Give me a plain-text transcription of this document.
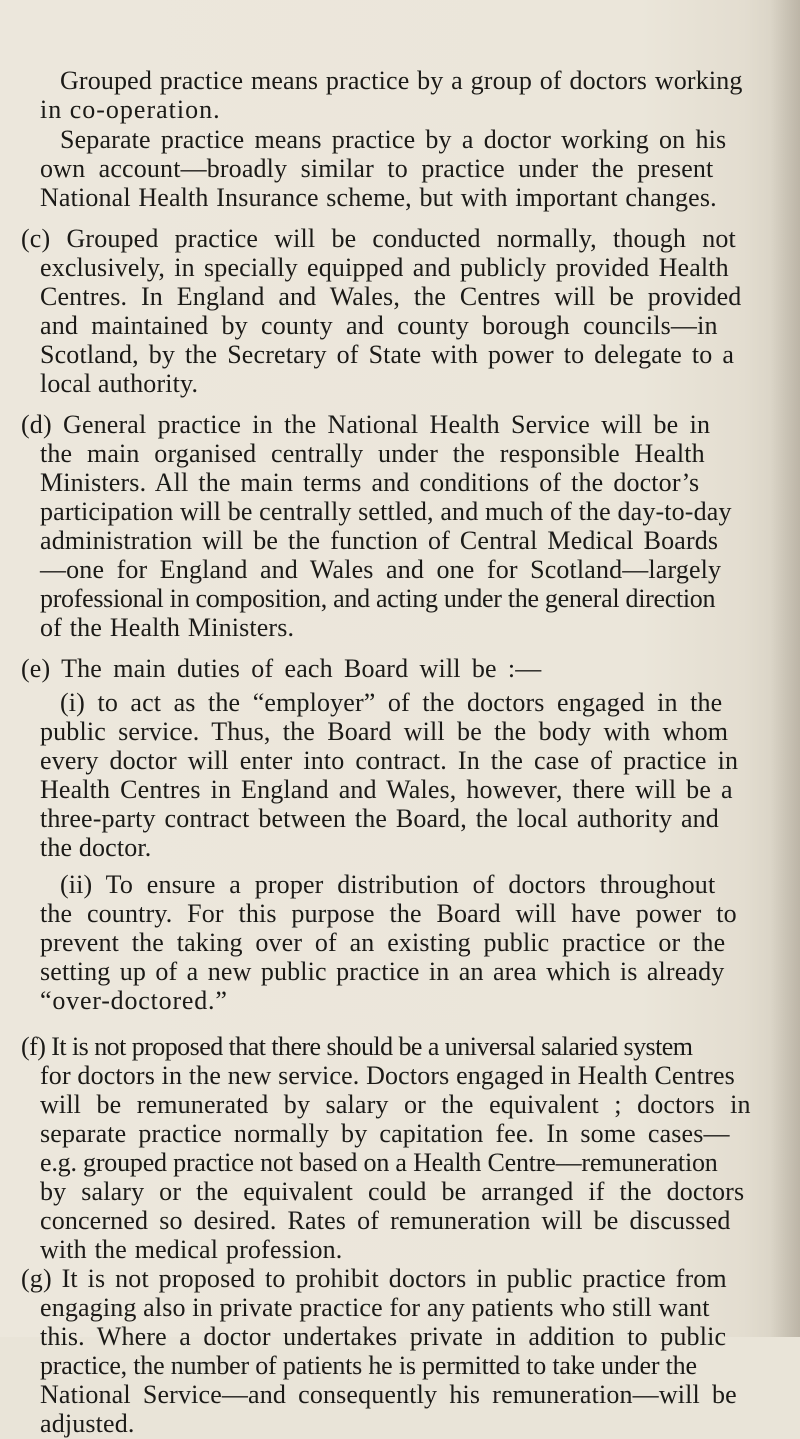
Grouped practice means practice by a group of doctors working
in co-operation.
Separate practice means practice by a doctor working on his
own account—broadly similar to practice under the present
National Health Insurance scheme, but with important changes.
(c) Grouped practice will be conducted normally, though not
exclusively, in specially equipped and publicly provided Health
Centres. In England and Wales, the Centres will be provided
and maintained by county and county borough councils—in
Scotland, by the Secretary of State with power to delegate to a
local authority.
(d) General practice in the National Health Service will be in
the main organised centrally under the responsible Health
Ministers. All the main terms and conditions of the doctor’s
participation will be centrally settled, and much of the day-to-day
administration will be the function of Central Medical Boards
—one for England and Wales and one for Scotland—largely
professional in composition, and acting under the general direction
of the Health Ministers.
(e) The main duties of each Board will be :—
(i) to act as the “employer” of the doctors engaged in the
public service. Thus, the Board will be the body with whom
every doctor will enter into contract. In the case of practice in
Health Centres in England and Wales, however, there will be a
three-party contract between the Board, the local authority and
the doctor.
(ii) To ensure a proper distribution of doctors throughout
the country. For this purpose the Board will have power to
prevent the taking over of an existing public practice or the
setting up of a new public practice in an area which is already
“over-doctored.”
(f) It is not proposed that there should be a universal salaried system
for doctors in the new service. Doctors engaged in Health Centres
will be remunerated by salary or the equivalent ; doctors in
separate practice normally by capitation fee. In some cases—
e.g. grouped practice not based on a Health Centre—remuneration
by salary or the equivalent could be arranged if the doctors
concerned so desired. Rates of remuneration will be discussed
with the medical profession.
(g) It is not proposed to prohibit doctors in public practice from
engaging also in private practice for any patients who still want
this. Where a doctor undertakes private in addition to public
practice, the number of patients he is permitted to take under the
National Service—and consequently his remuneration—will be
adjusted.
